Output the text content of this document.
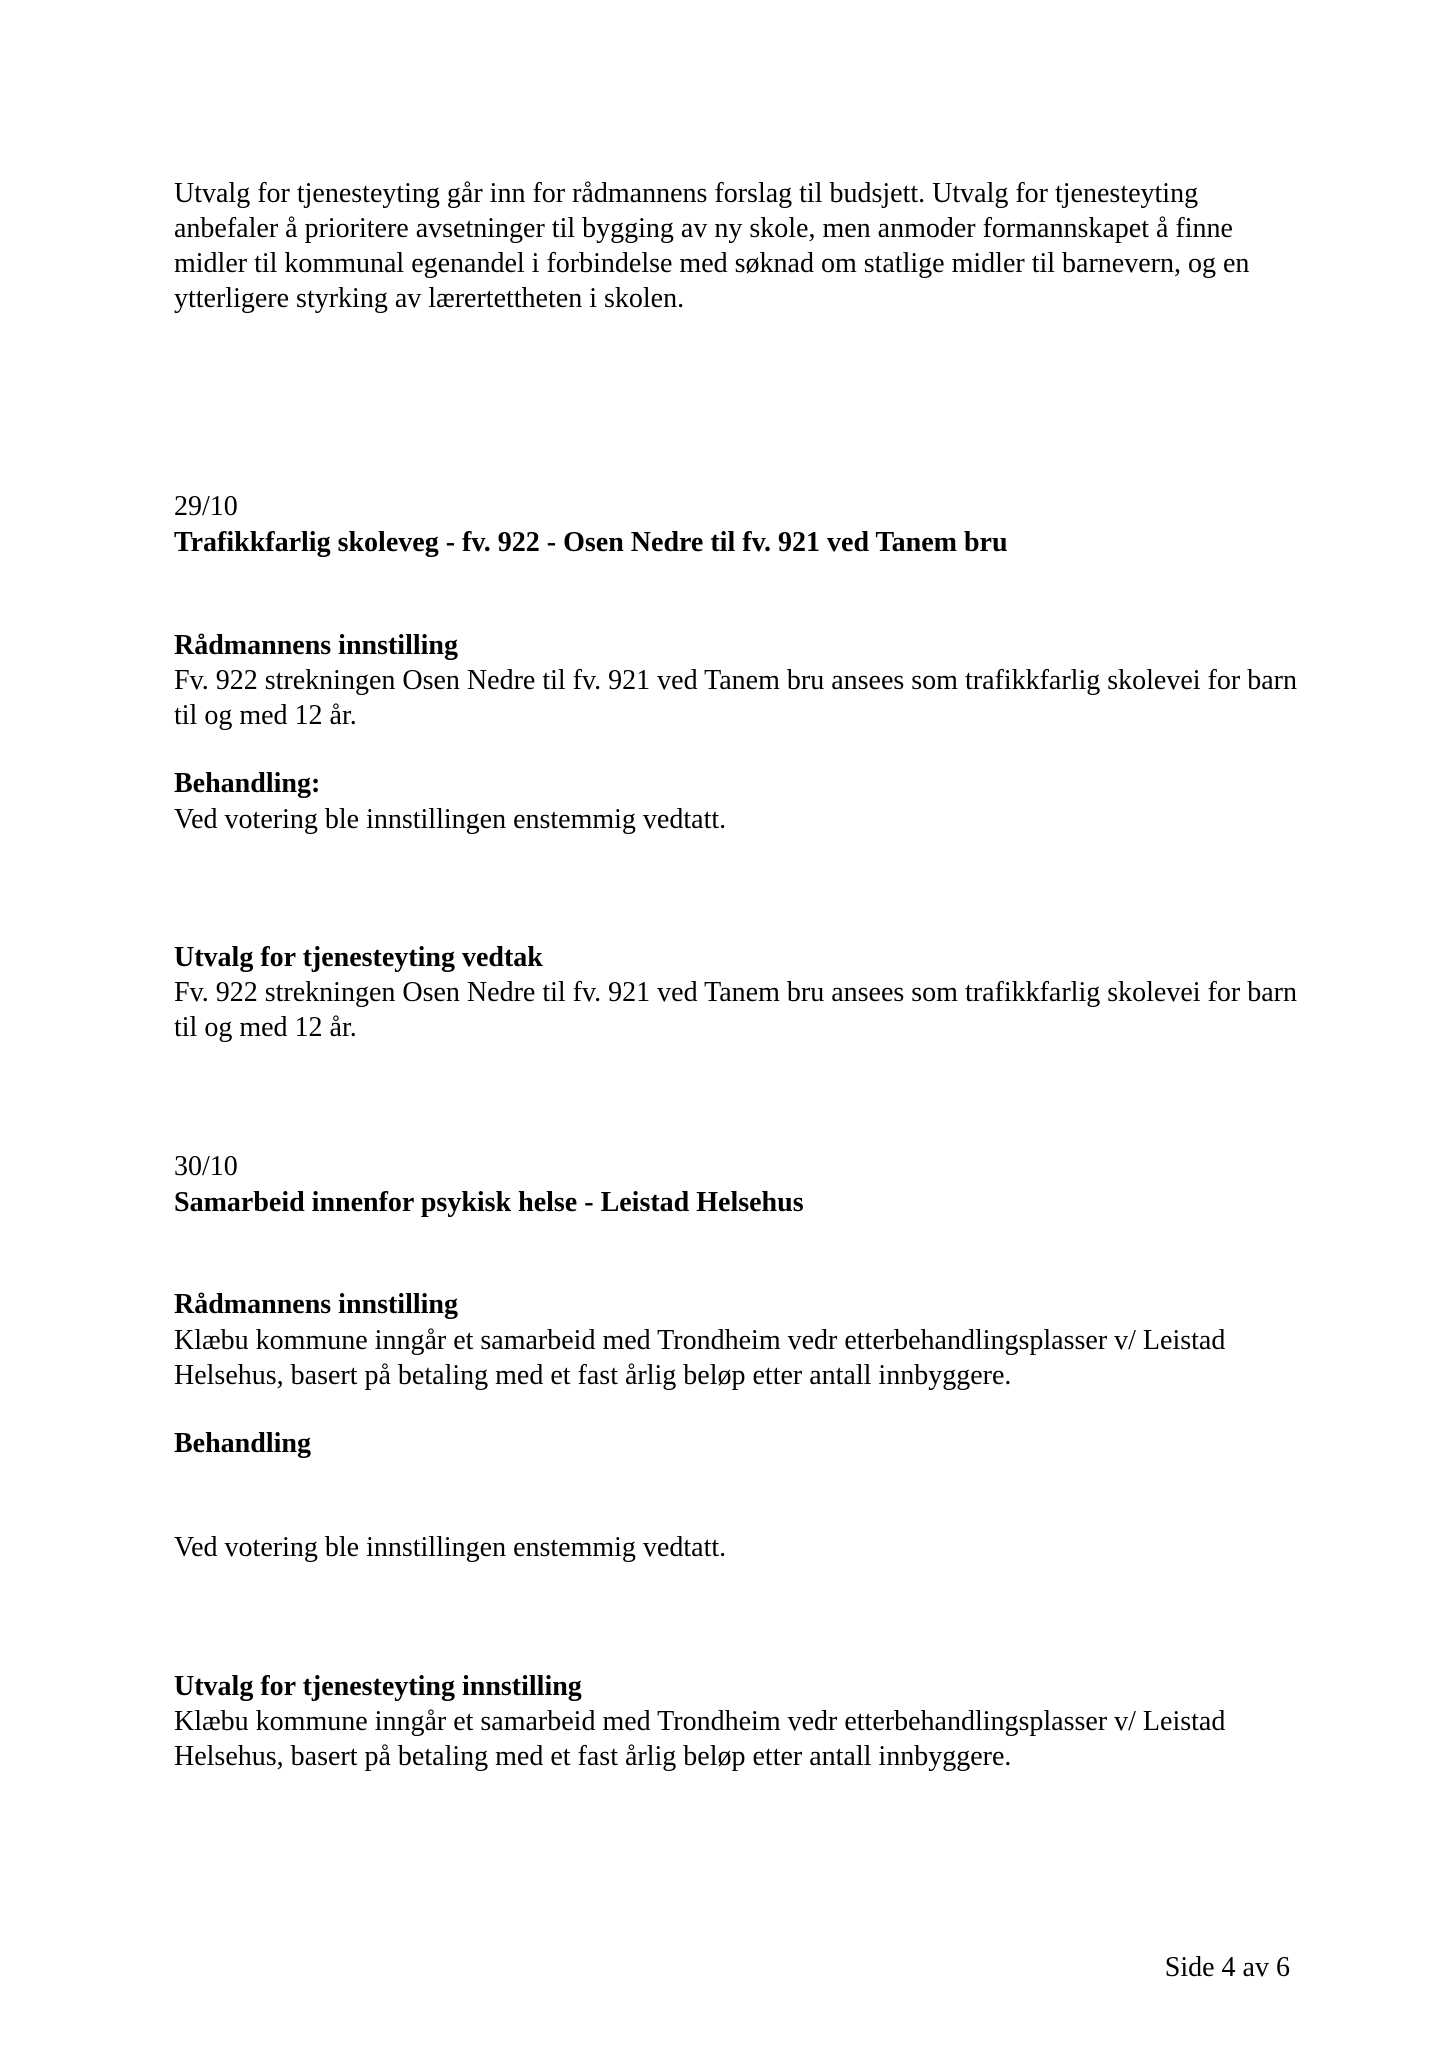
Utvalg for tjenesteyting går inn for rådmannens forslag til budsjett. Utvalg for tjenesteyting anbefaler å prioritere avsetninger til bygging av ny skole, men anmoder formannskapet å finne midler til kommunal egenandel i forbindelse med søknad om statlige midler til barnevern, og en ytterligere styrking av lærertettheten i skolen.

29/10

Trafikkfarlig skoleveg - fv. 922 - Osen Nedre til fv. 921 ved Tanem bru

Rådmannens innstilling

Fv. 922 strekningen Osen Nedre til fv. 921 ved Tanem bru ansees som trafikkfarlig skolevei for barn til og med 12 år.

Behandling:

Ved votering ble innstillingen enstemmig vedtatt.

Utvalg for tjenesteyting vedtak

Fv. 922 strekningen Osen Nedre til fv. 921 ved Tanem bru ansees som trafikkfarlig skolevei for barn til og med 12 år.

30/10

Samarbeid innenfor psykisk helse - Leistad Helsehus

Rådmannens innstilling

Klæbu kommune inngår et samarbeid med Trondheim vedr etterbehandlingsplasser v/ Leistad Helsehus, basert på betaling med et fast årlig beløp etter antall innbyggere.

Behandling

Ved votering ble innstillingen enstemmig vedtatt.

Utvalg for tjenesteyting innstilling

Klæbu kommune inngår et samarbeid med Trondheim vedr etterbehandlingsplasser v/ Leistad Helsehus, basert på betaling med et fast årlig beløp etter antall innbyggere.

Side 4 av 6
